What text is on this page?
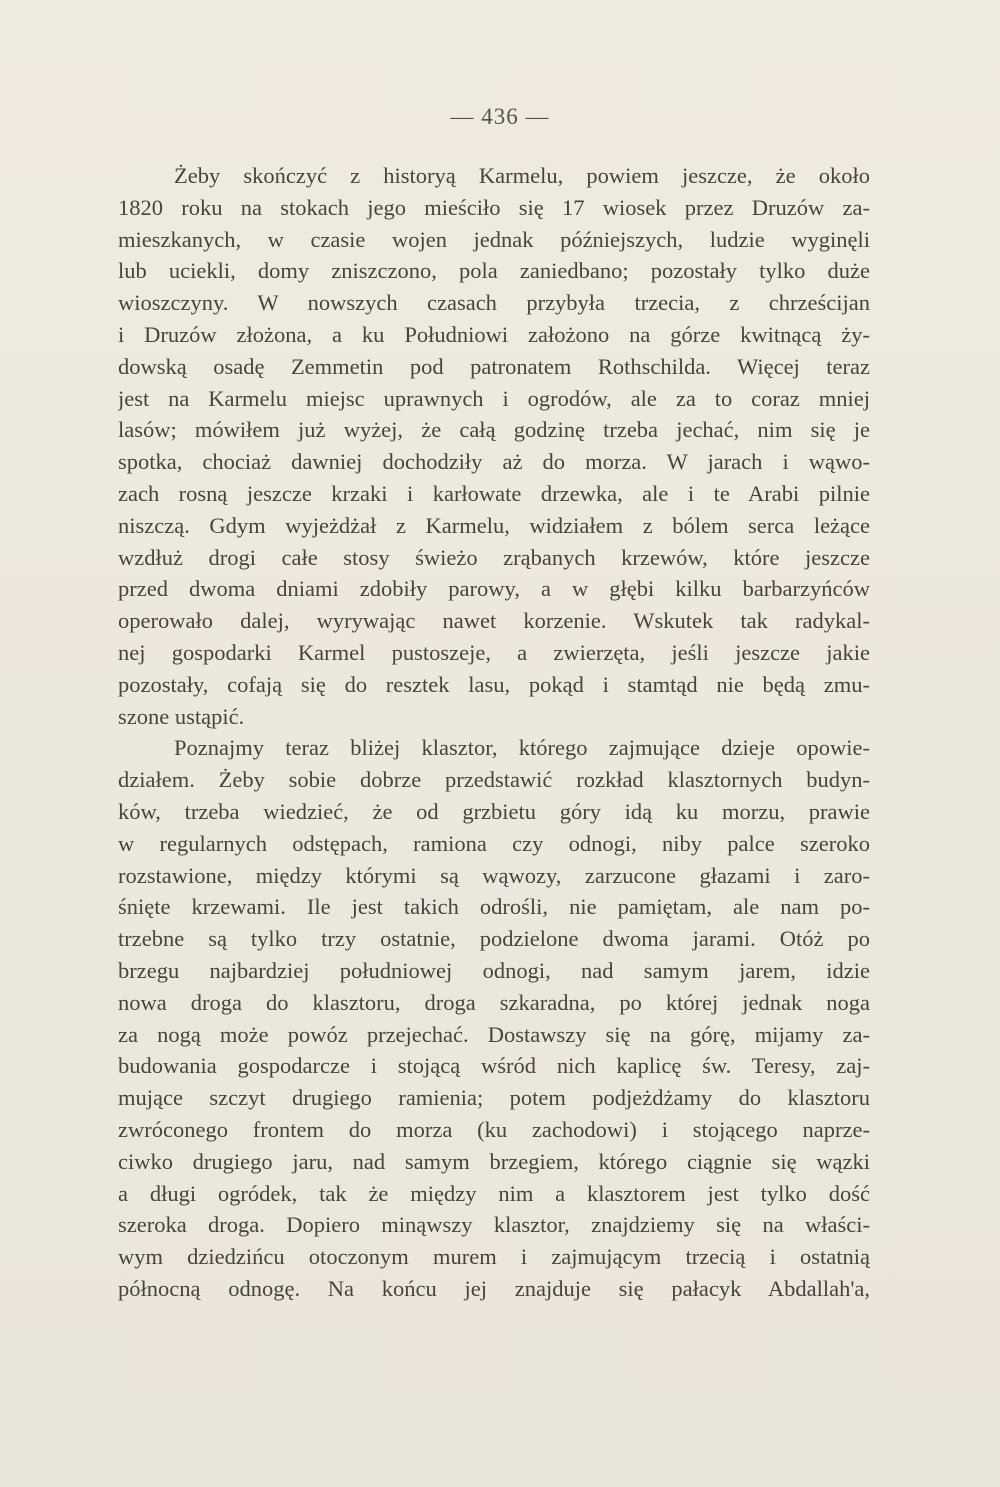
— 436 —
Żeby skończyć z historyą Karmelu, powiem jeszcze, że około
1820 roku na stokach jego mieściło się 17 wiosek przez Druzów za-
mieszkanych, w czasie wojen jednak późniejszych, ludzie wyginęli
lub uciekli, domy zniszczono, pola zaniedbano; pozostały tylko duże
wioszczyny. W nowszych czasach przybyła trzecia, z chrześcijan
i Druzów złożona, a ku Południowi założono na górze kwitnącą ży-
dowską osadę Zemmetin pod patronatem Rothschilda. Więcej teraz
jest na Karmelu miejsc uprawnych i ogrodów, ale za to coraz mniej
lasów; mówiłem już wyżej, że całą godzinę trzeba jechać, nim się je
spotka, chociaż dawniej dochodziły aż do morza. W jarach i wąwo-
zach rosną jeszcze krzaki i karłowate drzewka, ale i te Arabi pilnie
niszczą. Gdym wyjeżdżał z Karmelu, widziałem z bólem serca leżące
wzdłuż drogi całe stosy świeżo zrąbanych krzewów, które jeszcze
przed dwoma dniami zdobiły parowy, a w głębi kilku barbarzyńców
operowało dalej, wyrywając nawet korzenie. Wskutek tak radykal-
nej gospodarki Karmel pustoszeje, a zwierzęta, jeśli jeszcze jakie
pozostały, cofają się do resztek lasu, pokąd i stamtąd nie będą zmu-
szone ustąpić.
Poznajmy teraz bliżej klasztor, którego zajmujące dzieje opowie-
działem. Żeby sobie dobrze przedstawić rozkład klasztornych budyn-
ków, trzeba wiedzieć, że od grzbietu góry idą ku morzu, prawie
w regularnych odstępach, ramiona czy odnogi, niby palce szeroko
rozstawione, między którymi są wąwozy, zarzucone głazami i zaro-
śnięte krzewami. Ile jest takich odrośli, nie pamiętam, ale nam po-
trzebne są tylko trzy ostatnie, podzielone dwoma jarami. Otóż po
brzegu najbardziej południowej odnogi, nad samym jarem, idzie
nowa droga do klasztoru, droga szkaradna, po której jednak noga
za nogą może powóz przejechać. Dostawszy się na górę, mijamy za-
budowania gospodarcze i stojącą wśród nich kaplicę św. Teresy, zaj-
mujące szczyt drugiego ramienia; potem podjeżdżamy do klasztoru
zwróconego frontem do morza (ku zachodowi) i stojącego naprze-
ciwko drugiego jaru, nad samym brzegiem, którego ciągnie się wązki
a długi ogródek, tak że między nim a klasztorem jest tylko dość
szeroka droga. Dopiero minąwszy klasztor, znajdziemy się na właści-
wym dziedzińcu otoczonym murem i zajmującym trzecią i ostatnią
północną odnogę. Na końcu jej znajduje się pałacyk Abdallah'a,
